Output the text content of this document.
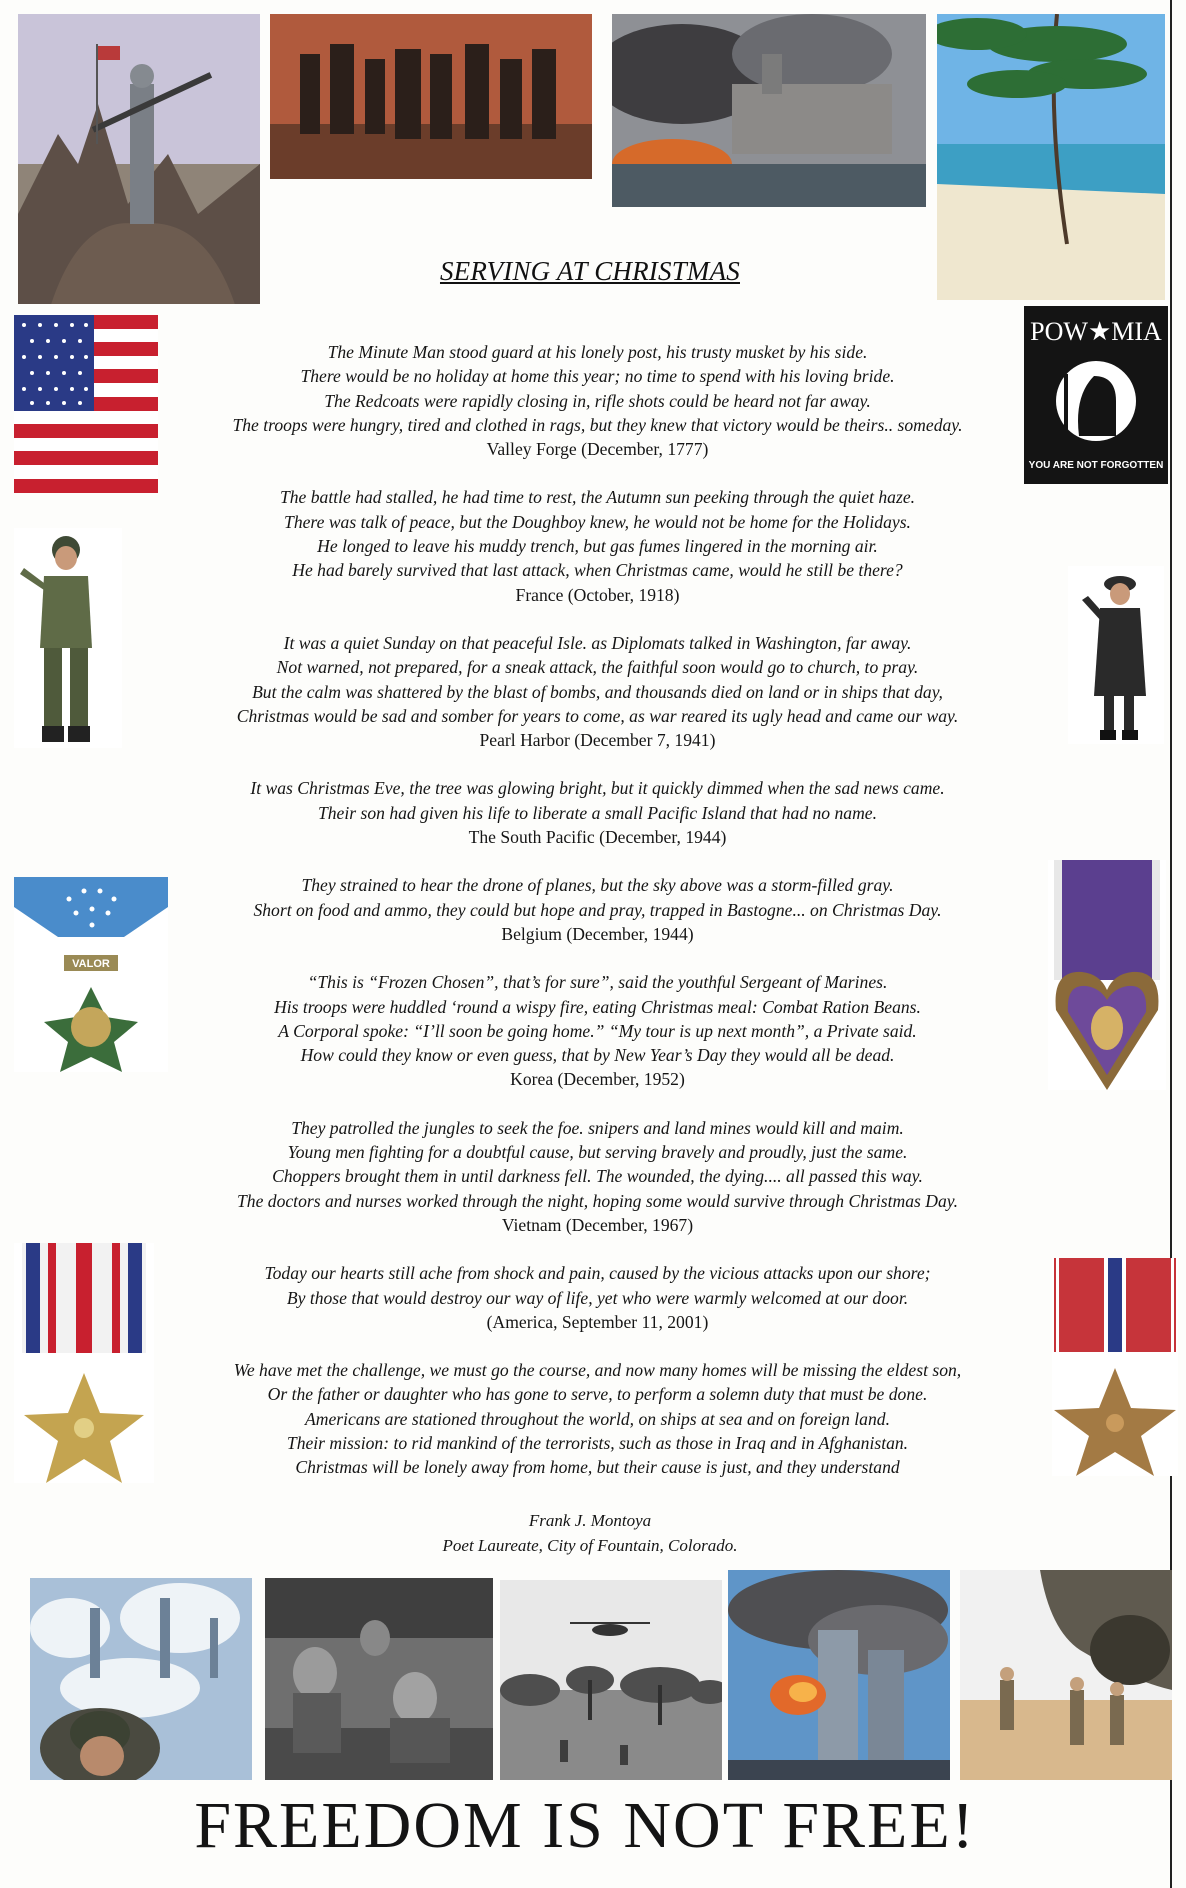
VALOR
POW★MIA
YOU ARE NOT FORGOTTEN
SERVING AT CHRISTMAS
The Minute Man stood guard at his lonely post, his trusty musket by his side.
There would be no holiday at home this year; no time to spend with his loving bride.
The Redcoats were rapidly closing in, rifle shots could be heard not far away.
The troops were hungry, tired and clothed in rags, but they knew that victory would be theirs.. someday.
Valley Forge (December, 1777)
The battle had stalled, he had time to rest, the Autumn sun peeking through the quiet haze.
There was talk of peace, but the Doughboy knew, he would not be home for the Holidays.
He longed to leave his muddy trench, but gas fumes lingered in the morning air.
He had barely survived that last attack, when Christmas came, would he still be there?
France (October, 1918)
It was a quiet Sunday on that peaceful Isle. as Diplomats talked in Washington, far away.
Not warned, not prepared, for a sneak attack, the faithful soon would go to church, to pray.
But the calm was shattered by the blast of bombs, and thousands died on land or in ships that day,
Christmas would be sad and somber for years to come, as war reared its ugly head and came our way.
Pearl Harbor (December 7, 1941)
It was Christmas Eve, the tree was glowing bright, but it quickly dimmed when the sad news came.
Their son had given his life to liberate a small Pacific Island that had no name.
The South Pacific (December, 1944)
They strained to hear the drone of planes, but the sky above was a storm-filled gray.
Short on food and ammo, they could but hope and pray, trapped in Bastogne... on Christmas Day.
Belgium (December, 1944)
“This is “Frozen Chosen”, that’s for sure”, said the youthful Sergeant of Marines.
His troops were huddled ‘round a wispy fire, eating Christmas meal: Combat Ration Beans.
A Corporal spoke: “I’ll soon be going home.” “My tour is up next month”, a Private said.
How could they know or even guess, that by New Year’s Day they would all be dead.
Korea (December, 1952)
They patrolled the jungles to seek the foe. snipers and land mines would kill and maim.
Young men fighting for a doubtful cause, but serving bravely and proudly, just the same.
Choppers brought them in until darkness fell. The wounded, the dying.... all passed this way.
The doctors and nurses worked through the night, hoping some would survive through Christmas Day.
Vietnam (December, 1967)
Today our hearts still ache from shock and pain, caused by the vicious attacks upon our shore;
By those that would destroy our way of life, yet who were warmly welcomed at our door.
(America, September 11, 2001)
We have met the challenge, we must go the course, and now many homes will be missing the eldest son,
Or the father or daughter who has gone to serve, to perform a solemn duty that must be done.
Americans are stationed throughout the world, on ships at sea and on foreign land.
Their mission: to rid mankind of the terrorists, such as those in Iraq and in Afghanistan.
Christmas will be lonely away from home, but their cause is just, and they understand
Frank J. Montoya
Poet Laureate, City of Fountain, Colorado.
FREEDOM IS NOT FREE!
